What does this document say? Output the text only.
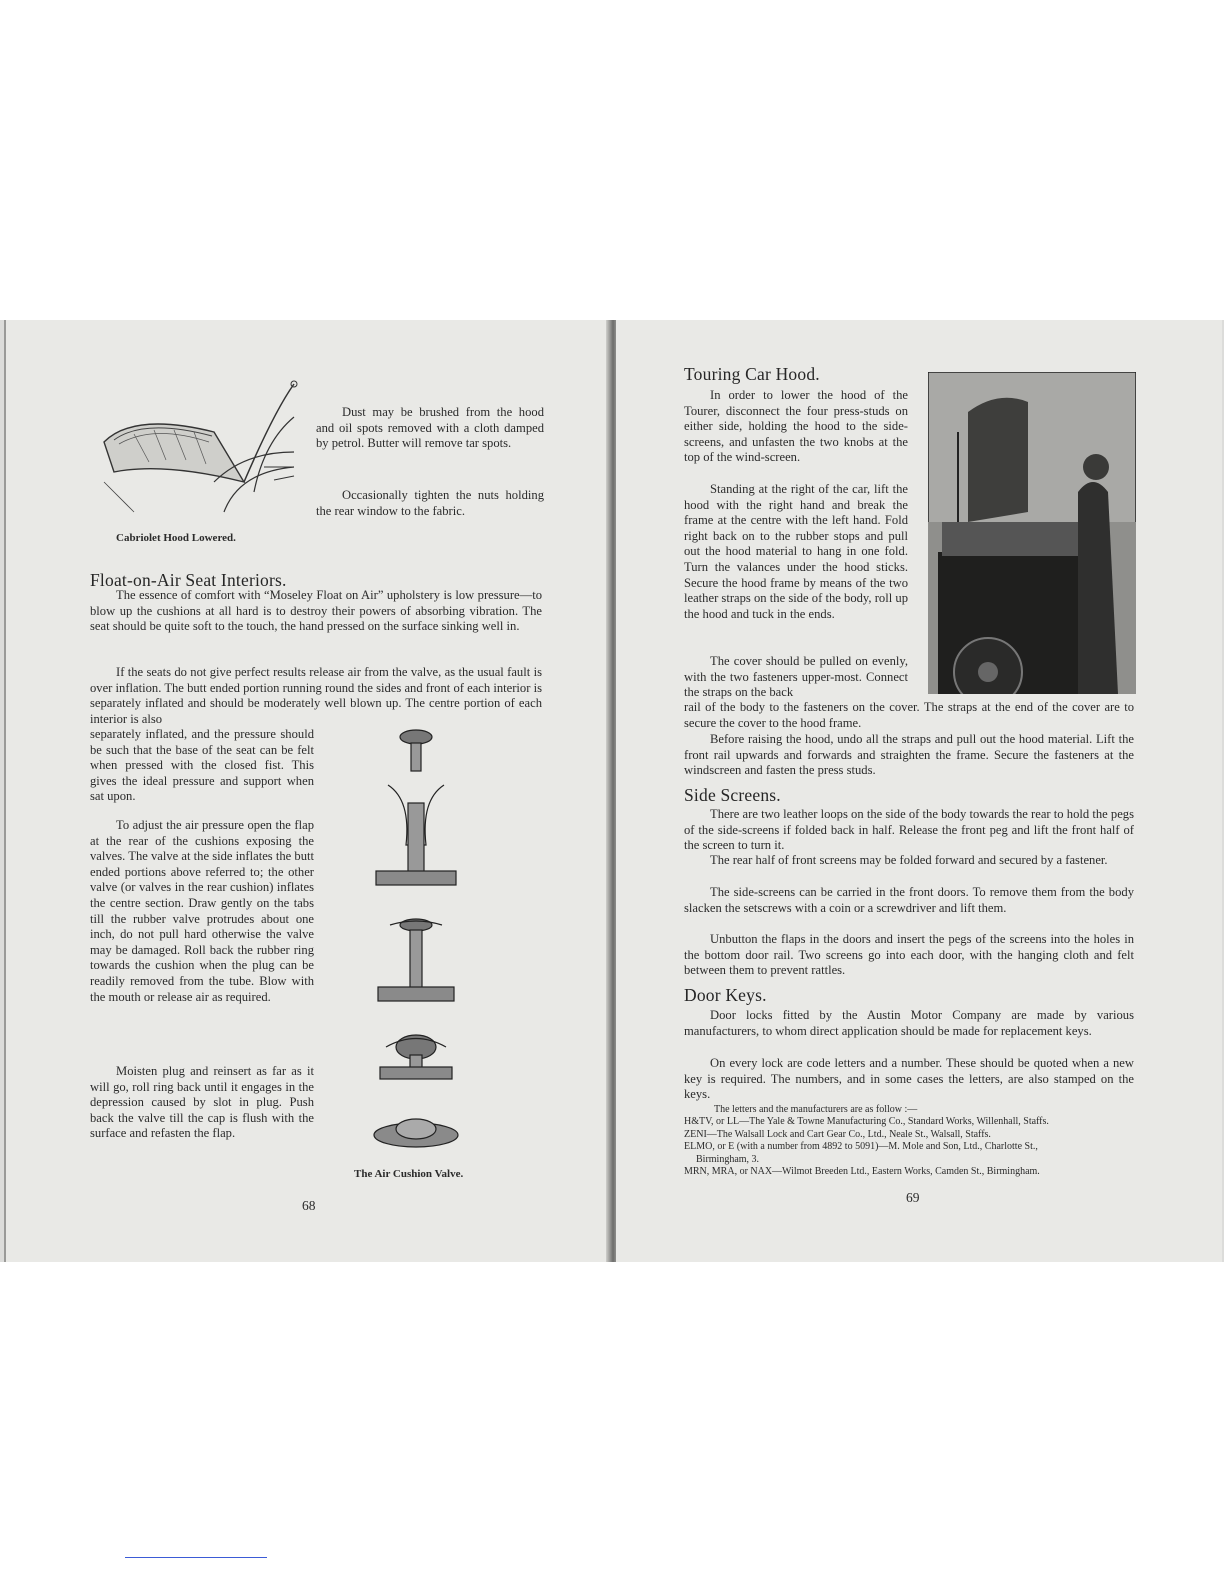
Cabriolet Hood Lowered.

Dust may be brushed from the hood and oil spots removed with a cloth damped by petrol. Butter will remove tar spots.

Occasionally tighten the nuts holding the rear window to the fabric.

Float-on-Air Seat Interiors.

The essence of comfort with “Moseley Float on Air” upholstery is low pressure—to blow up the cushions at all hard is to destroy their powers of absorbing vibration. The seat should be quite soft to the touch, the hand pressed on the surface sinking well in.

If the seats do not give perfect results release air from the valve, as the usual fault is over inflation. The butt ended portion running round the sides and front of each interior is separately inflated and should be moderately well blown up. The centre portion of each interior is also

separately inflated, and the pressure should be such that the base of the seat can be felt when pressed with the closed fist. This gives the ideal pressure and support when sat upon.

To adjust the air pressure open the flap at the rear of the cushions exposing the valves. The valve at the side inflates the butt ended portions above referred to; the other valve (or valves in the rear cushion) inflates the centre section. Draw gently on the tabs till the rubber valve protrudes about one inch, do not pull hard otherwise the valve may be damaged. Roll back the rubber ring towards the cushion when the plug can be readily removed from the tube. Blow with the mouth or release air as required.

Moisten plug and reinsert as far as it will go, roll ring back until it engages in the depression caused by slot in plug. Push back the valve till the cap is flush with the surface and refasten the flap.

The Air Cushion Valve.

68

Touring Car Hood.

In order to lower the hood of the Tourer, disconnect the four press-studs on either side, holding the hood to the side-screens, and unfasten the two knobs at the top of the wind-screen.

Standing at the right of the car, lift the hood with the right hand and break the frame at the centre with the left hand. Fold right back on to the rubber stops and pull out the hood material to hang in one fold. Turn the valances under the hood sticks. Secure the hood frame by means of the two leather straps on the side of the body, roll up the hood and tuck in the ends.

The cover should be pulled on evenly, with the two fasteners upper-most. Connect the straps on the back

rail of the body to the fasteners on the cover. The straps at the end of the cover are to secure the cover to the hood frame.

Before raising the hood, undo all the straps and pull out the hood material. Lift the front rail upwards and forwards and straighten the frame. Secure the fasteners at the windscreen and fasten the press studs.

Side Screens.

There are two leather loops on the side of the body towards the rear to hold the pegs of the side-screens if folded back in half. Release the front peg and lift the front half of the screen to turn it.

The rear half of front screens may be folded forward and secured by a fastener.

The side-screens can be carried in the front doors. To remove them from the body slacken the setscrews with a coin or a screwdriver and lift them.

Unbutton the flaps in the doors and insert the pegs of the screens into the holes in the bottom door rail. Two screens go into each door, with the hanging cloth and felt between them to prevent rattles.

Door Keys.

Door locks fitted by the Austin Motor Company are made by various manufacturers, to whom direct application should be made for replacement keys.

On every lock are code letters and a number. These should be quoted when a new key is required. The numbers, and in some cases the letters, are also stamped on the keys.

The letters and the manufacturers are as follow :—
H&TV, or LL—The Yale & Towne Manufacturing Co., Standard Works, Willenhall, Staffs.
ZENI—The Walsall Lock and Cart Gear Co., Ltd., Neale St., Walsall, Staffs.
ELMO, or E (with a number from 4892 to 5091)—M. Mole and Son, Ltd., Charlotte St.,
Birmingham, 3.
MRN, MRA, or NAX—Wilmot Breeden Ltd., Eastern Works, Camden St., Birmingham.

69
